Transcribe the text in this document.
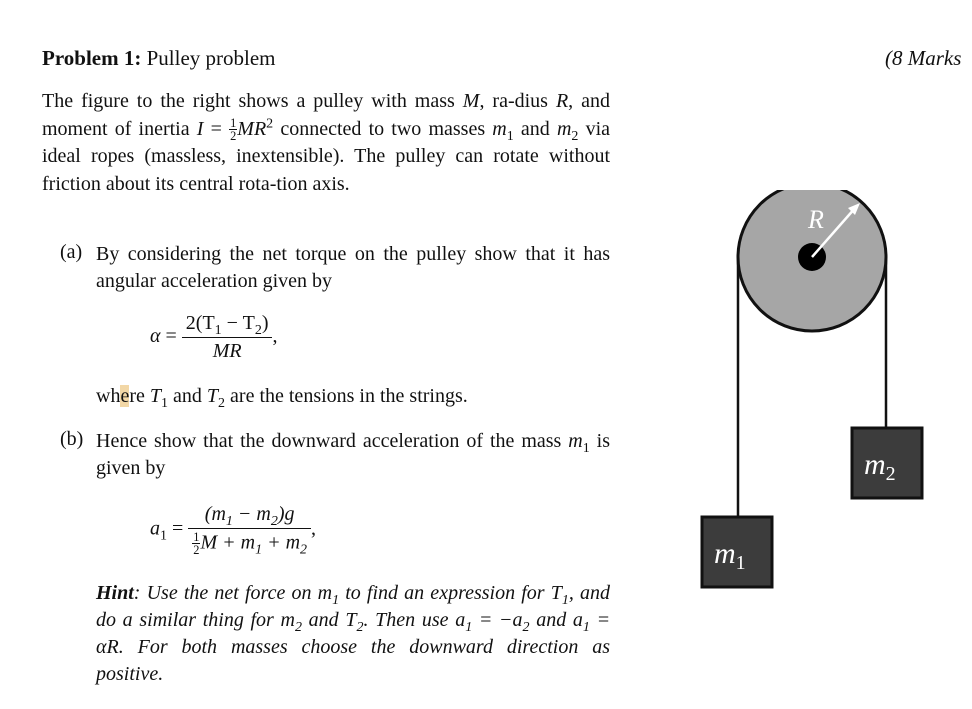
Problem 1: Pulley problem	(8 Marks
The figure to the right shows a pulley with mass M, ra-dius R, and moment of inertia $I = \frac{1}{2} MR^2$ connected to two masses $m_1$ and $m_2$ via ideal ropes (massless, inextensible). The pulley can rotate without friction about its central rota-tion axis.
(a) By considering the net torque on the pulley show that it has angular acceleration given by
$\alpha = \frac{2(T_1 - T_2)}{MR}$ ,
where $T_1$ and $T_2$ are the tensions in the strings.
(b) Hence show that the downward acceleration of the mass $m_1$ is given by
$a_1 = \frac{(m_1 - m_2)g}{\frac{1}{2} M + m_1 + m_2}$ ,
Hint: Use the net force on $m_1$ to find an expression for $T_1$, and do a similar thing for $m_2$ and $T_2$. Then use $a_1 = -a_2$ and $a_1 = \alpha R$. For both masses choose the downward direction as positive.
R
$m_1$
$m_2$
